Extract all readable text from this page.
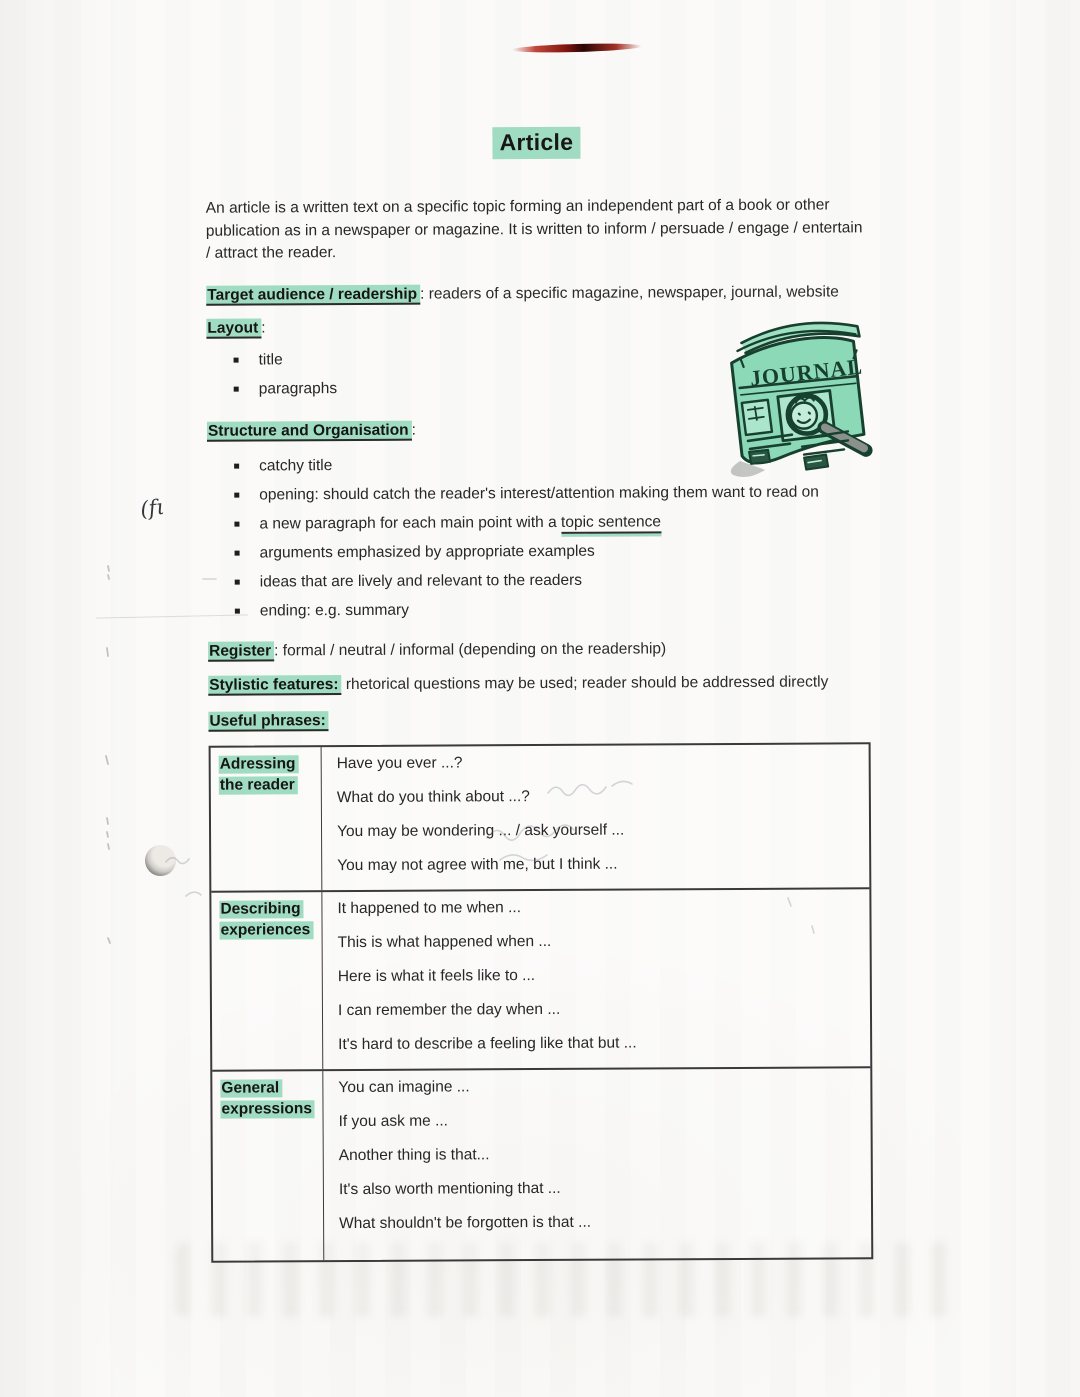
Article

An article is a written text on a specific topic forming an independent part of a book or other publication as in a newspaper or magazine. It is written to inform / persuade / engage / entertain / attract the reader.

Target audience / readership : readers of a specific magazine, newspaper, journal, website
Layout :
title
paragraphs
Structure and Organisation :
catchy title
opening: should catch the reader's interest/attention making them want to read on
a new paragraph for each main point with a topic sentence
arguments emphasized by appropriate examples
ideas that are lively and relevant to the readers
ending: e.g. summary
Register : formal / neutral / informal (depending on the readership)
Stylistic features: rhetorical questions may be used; reader should be addressed directly
Useful phrases:
Adressing the reader

Have you ever ...?

What do you think about ...?

You may be wondering ... / ask yourself ...

You may not agree with me, but I think ...

Describing experiences

It happened to me when ...

This is what happened when ...

Here is what it feels like to ...

I can remember the day when ...

It's hard to describe a feeling like that but ...

General expressions

You can imagine ...

If you ask me ...

Another thing is that...

It's also worth mentioning that ...

What shouldn't be forgotten is that ...

JOURNAL
(fι
